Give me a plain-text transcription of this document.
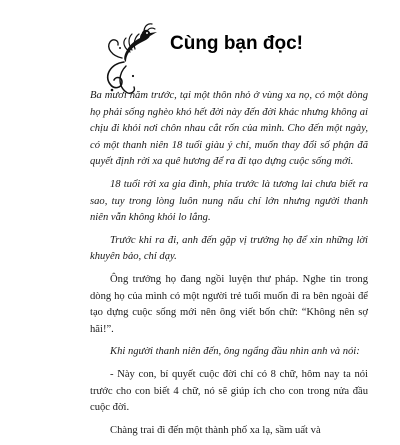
Cùng bạn đọc!

Ba mươi năm trước, tại một thôn nhỏ ở vùng xa nọ, có một dòng họ phải sống nghèo khó hết đời này đến đời khác nhưng không ai chịu đi khỏi nơi chôn nhau cắt rốn của mình. Cho đến một ngày, có một thanh niên 18 tuổi giàu ý chí, muốn thay đổi số phận đã quyết định rời xa quê hương để ra đi tạo dựng cuộc sống mới.

18 tuổi rời xa gia đình, phía trước là tương lai chưa biết ra sao, tuy trong lòng luôn nung nấu chí lớn nhưng người thanh niên vẫn không khỏi lo lắng.

Trước khi ra đi, anh đến gặp vị trưởng họ để xin những lời khuyên bảo, chỉ dạy.

Ông trưởng họ đang ngồi luyện thư pháp. Nghe tin trong dòng họ của mình có một người trẻ tuổi muốn đi ra bên ngoài để tạo dựng cuộc sống mới nên ông viết bốn chữ: “Không nên sợ hãi!”.

Khi người thanh niên đến, ông ngẩng đầu nhìn anh và nói:

- Này con, bí quyết cuộc đời chỉ có 8 chữ, hôm nay ta nói trước cho con biết 4 chữ, nó sẽ giúp ích cho con trong nửa đầu cuộc đời.

Chàng trai đi đến một thành phố xa lạ, sầm uất và
